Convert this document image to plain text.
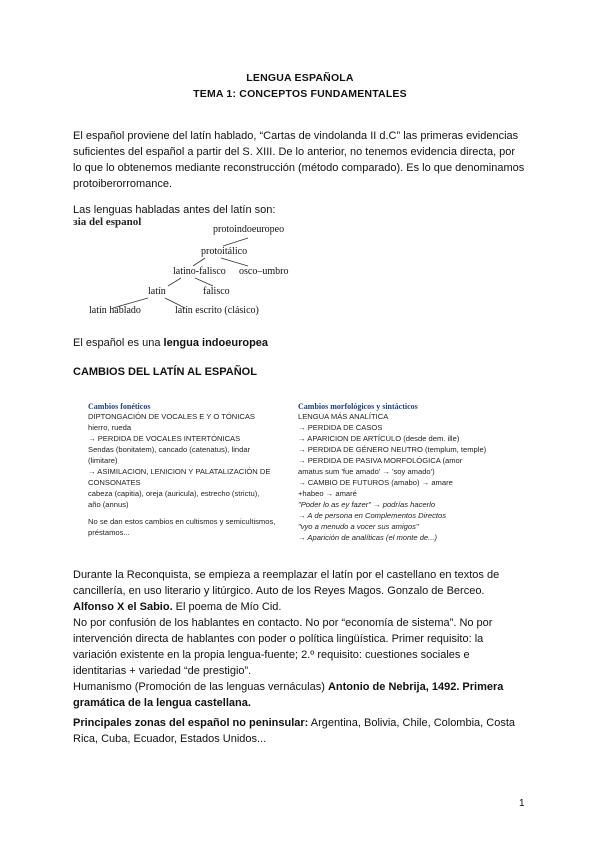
LENGUA ESPAÑOLA
TEMA 1: CONCEPTOS FUNDAMENTALES
El español proviene del latín hablado, “Cartas de vindolanda II d.C” las primeras evidencias
suficientes del español a partir del S. XIII. De lo anterior, no tenemos evidencia directa, por
lo que lo obtenemos mediante reconstrucción (método comparado). Es lo que denominamos
protoiberorromance.
Las lenguas habladas antes del latín son:
ɜia del espanol
protoindoeuropeo
protoitálico
latino-falisco osco–umbro
latín	falisco
latín hablado	latín escrito (clásico)
El español es una lengua indoeuropea
CAMBIOS DEL LATÍN AL ESPAÑOL
Cambios fonéticos
DIPTONGACIÓN DE VOCALES E Y O TÓNICAS
hierro, rueda
→ PERDIDA DE VOCALES INTERTÓNICAS
Sendas (bonitatem), cancado (catenatus), lindar
(limitare)
→ ASIMILACION, LENICION Y PALATALIZACIÓN DE
CONSONATES
cabeza (capitia), oreja (auricula), estrecho (strictu),
año (annus)
No se dan estos cambios en cultismos y semicultismos,
préstamos...
Cambios morfológicos y sintácticos
LENGUA MÁS ANALÍTICA
→ PERDIDA DE CASOS
→ APARICION DE ARTÍCULO (desde dem. ille)
→ PERDIDA DE GÉNERO NEUTRO (templum, temple)
→ PERDIDA DE PASIVA MORFOLÓGICA (amor
amatus sum 'fue amado' → 'soy amado')
→ CAMBIO DE FUTUROS (amabo) → amare
+habeo → amaré
"Poder lo as ey fazer" → podrías hacerlo
→ A de persona en Complementos Directos
"vyo a menudo a vocer sus amigos"
→ Aparición de analíticas (el monte de...)
Durante la Reconquista, se empieza a reemplazar el latín por el castellano en textos de
cancillería, en uso literario y litúrgico. Auto de los Reyes Magos. Gonzalo de Berceo.
Alfonso X el Sabio. El poema de Mío Cid.
No por confusión de los hablantes en contacto. No por “economía de sistema”. No por
intervención directa de hablantes con poder o política lingüística. Primer requisito: la
variación existente en la propia lengua-fuente; 2.º requisito: cuestiones sociales e
identitarias + variedad “de prestigio”.
Humanismo (Promoción de las lenguas vernáculas) Antonio de Nebrija, 1492. Primera
gramática de la lengua castellana.
Principales zonas del español no peninsular: Argentina, Bolivia, Chile, Colombia, Costa
Rica, Cuba, Ecuador, Estados Unidos...
1
